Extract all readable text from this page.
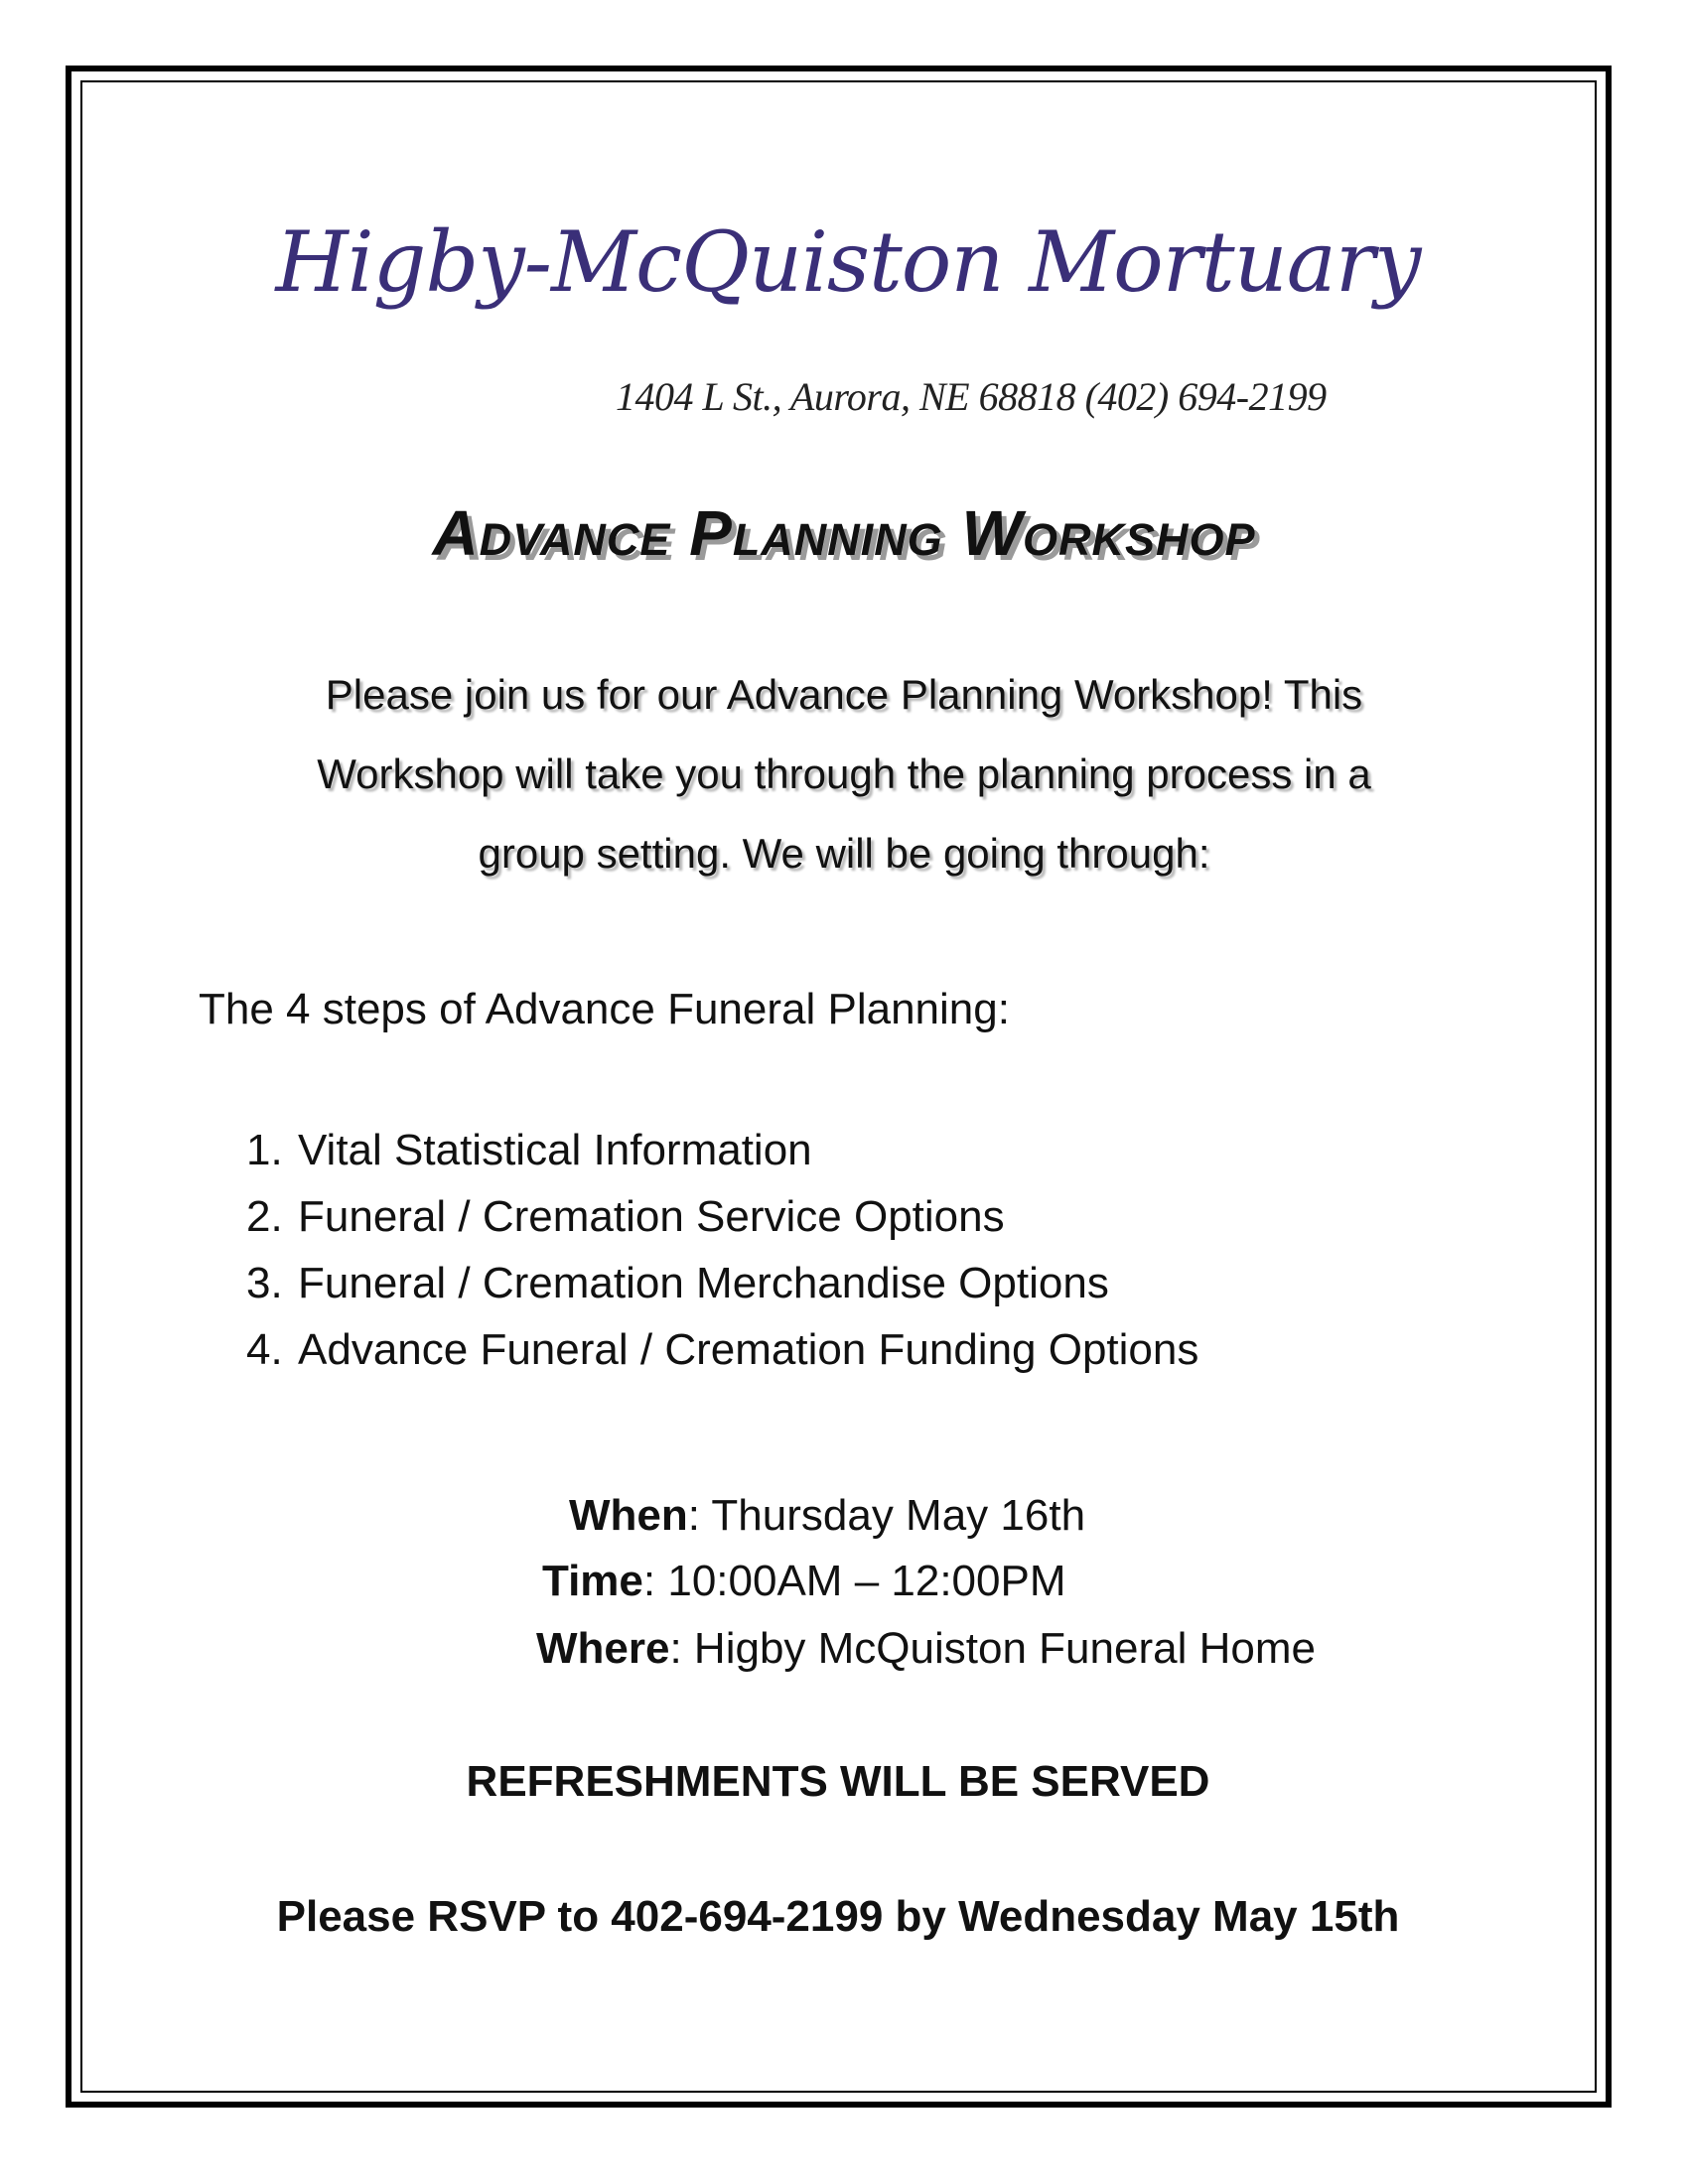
Higby-McQuiston Mortuary
1404 L St., Aurora, NE 68818 (402) 694-2199
Advance Planning Workshop
Please join us for our Advance Planning Workshop! This
Workshop will take you through the planning process in a
group setting. We will be going through:
The 4 steps of Advance Funeral Planning:
1. Vital Statistical Information
2. Funeral / Cremation Service Options
3. Funeral / Cremation Merchandise Options
4. Advance Funeral / Cremation Funding Options
When: Thursday May 16th
Time: 10:00AM – 12:00PM
Where: Higby McQuiston Funeral Home
REFRESHMENTS WILL BE SERVED
Please RSVP to 402-694-2199 by Wednesday May 15th
